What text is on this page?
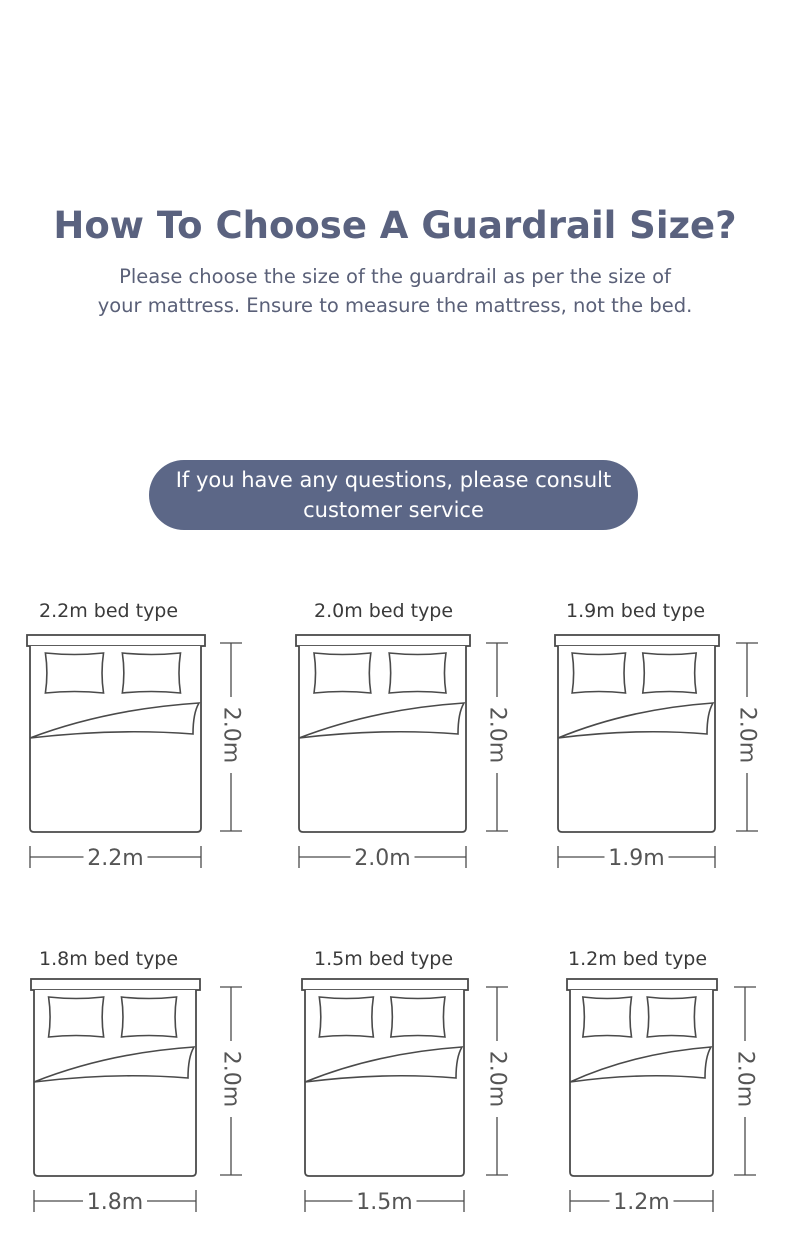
How To Choose A Guardrail Size?
Please choose the size of the guardrail as per the size of
your mattress. Ensure to measure the mattress, not the bed.
If you have any questions, please consult
customer service
2.2m bed type
2.2m
2.0m
2.0m bed type
2.0m
2.0m
1.9m bed type
1.9m
2.0m
1.8m bed type
1.8m
2.0m
1.5m bed type
1.5m
2.0m
1.2m bed type
1.2m
2.0m
